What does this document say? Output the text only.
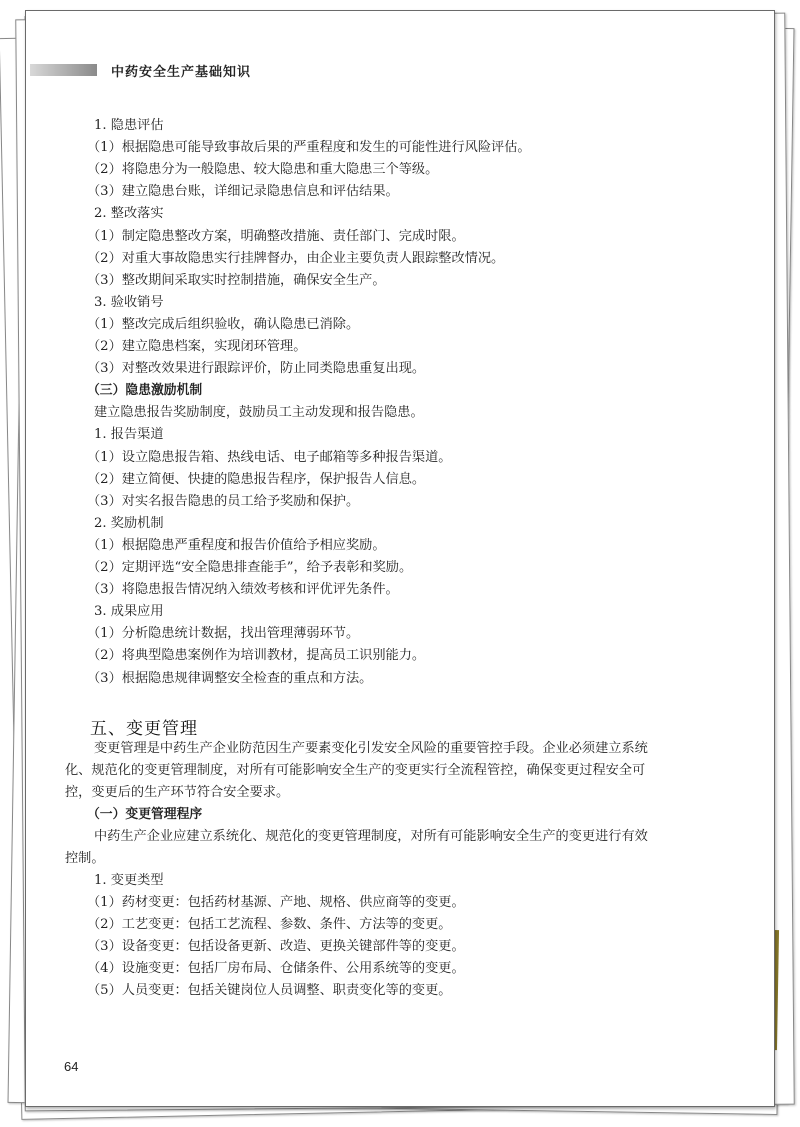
中药安全生产基础知识
1. 隐患评估
（1）根据隐患可能导致事故后果的严重程度和发生的可能性进行风险评估。
（2）将隐患分为一般隐患、较大隐患和重大隐患三个等级。
（3）建立隐患台账，详细记录隐患信息和评估结果。
2. 整改落实
（1）制定隐患整改方案，明确整改措施、责任部门、完成时限。
（2）对重大事故隐患实行挂牌督办，由企业主要负责人跟踪整改情况。
（3）整改期间采取实时控制措施，确保安全生产。
3. 验收销号
（1）整改完成后组织验收，确认隐患已消除。
（2）建立隐患档案，实现闭环管理。
（3）对整改效果进行跟踪评价，防止同类隐患重复出现。
（三）隐患激励机制
建立隐患报告奖励制度，鼓励员工主动发现和报告隐患。
1. 报告渠道
（1）设立隐患报告箱、热线电话、电子邮箱等多种报告渠道。
（2）建立简便、快捷的隐患报告程序，保护报告人信息。
（3）对实名报告隐患的员工给予奖励和保护。
2. 奖励机制
（1）根据隐患严重程度和报告价值给予相应奖励。
（2）定期评选“安全隐患排查能手”，给予表彰和奖励。
（3）将隐患报告情况纳入绩效考核和评优评先条件。
3. 成果应用
（1）分析隐患统计数据，找出管理薄弱环节。
（2）将典型隐患案例作为培训教材，提高员工识别能力。
（3）根据隐患规律调整安全检查的重点和方法。
变更管理是中药生产企业防范因生产要素变化引发安全风险的重要管控手段。企业必须建立系统
化、规范化的变更管理制度，对所有可能影响安全生产的变更实行全流程管控，确保变更过程安全可
控，变更后的生产环节符合安全要求。
（一）变更管理程序
中药生产企业应建立系统化、规范化的变更管理制度，对所有可能影响安全生产的变更进行有效
控制。
1. 变更类型
（1）药材变更：包括药材基源、产地、规格、供应商等的变更。
（2）工艺变更：包括工艺流程、参数、条件、方法等的变更。
（3）设备变更：包括设备更新、改造、更换关键部件等的变更。
（4）设施变更：包括厂房布局、仓储条件、公用系统等的变更。
（5）人员变更：包括关键岗位人员调整、职责变化等的变更。
五、变更管理
64
